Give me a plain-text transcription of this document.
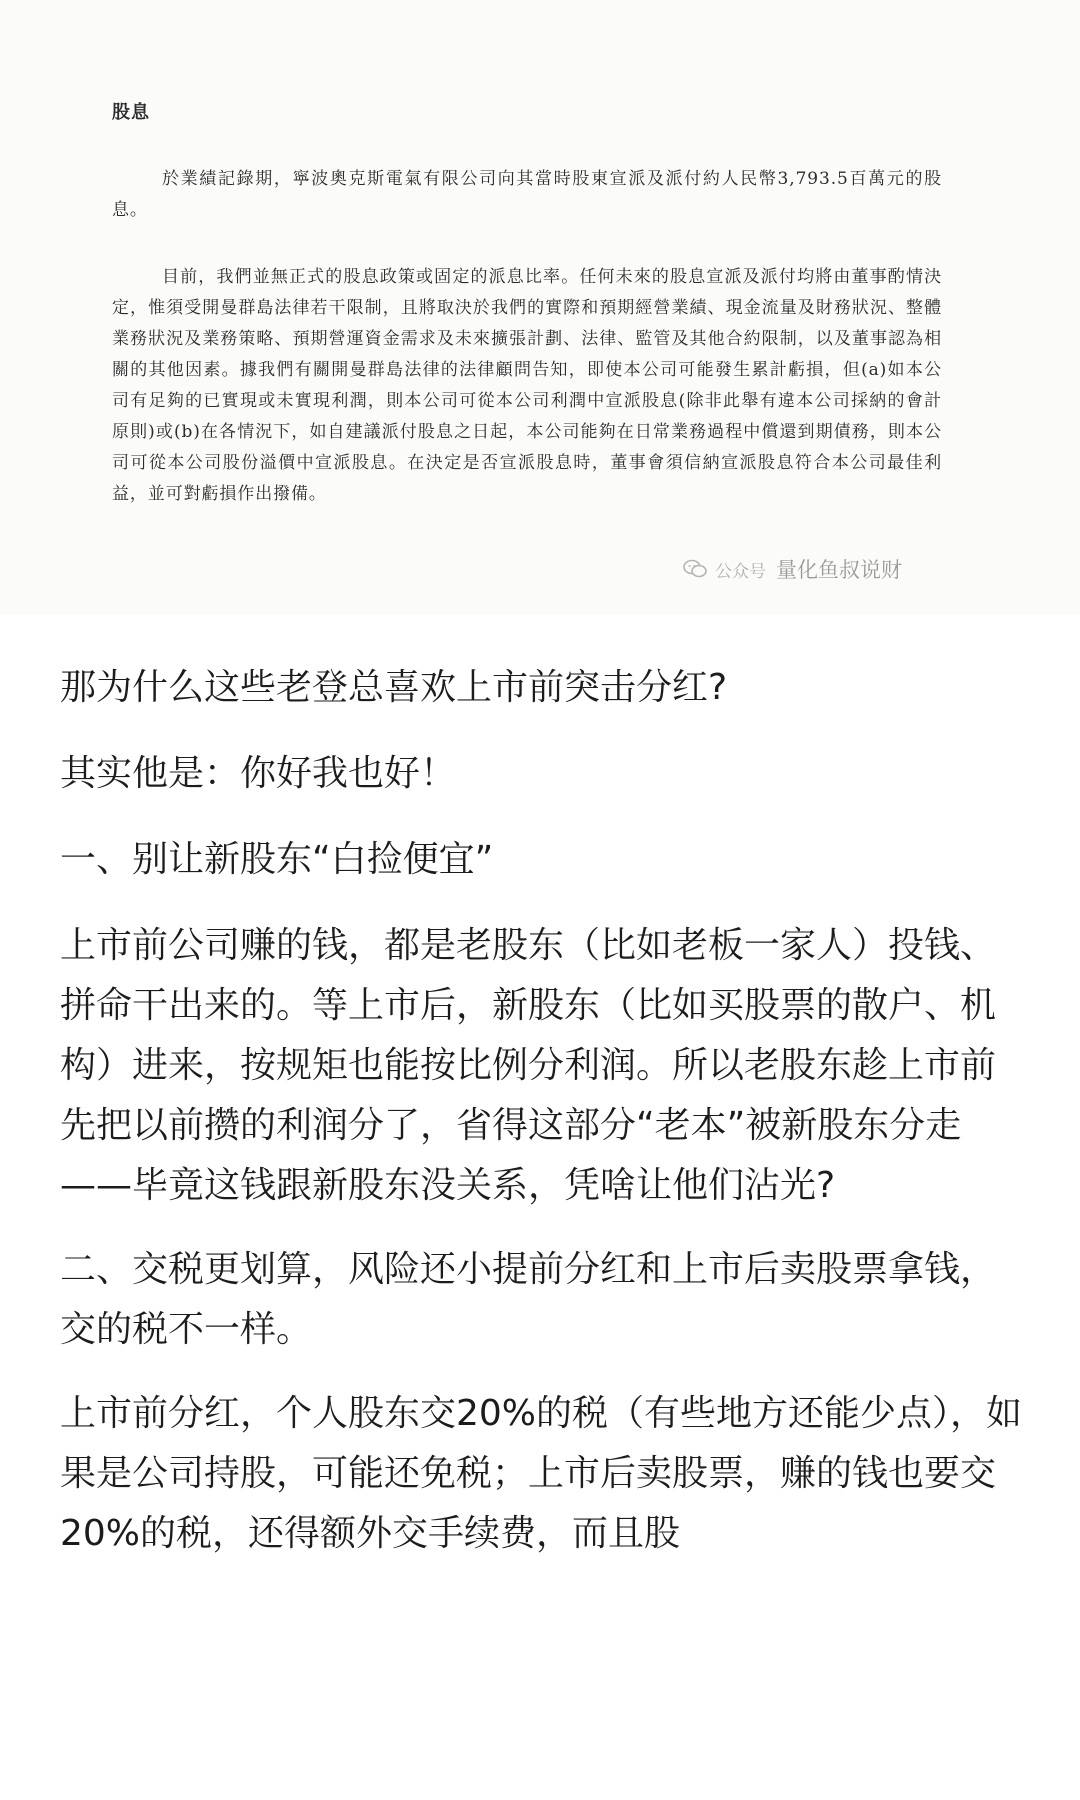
股息

於業績記錄期，寧波奧克斯電氣有限公司向其當時股東宣派及派付約人民幣3,793.5百萬元的股息。

目前，我們並無正式的股息政策或固定的派息比率。任何未來的股息宣派及派付均將由董事酌情決定，惟須受開曼群島法律若干限制，且將取決於我們的實際和預期經營業績、現金流量及財務狀況、整體業務狀況及業務策略、預期營運資金需求及未來擴張計劃、法律、監管及其他合約限制，以及董事認為相關的其他因素。據我們有關開曼群島法律的法律顧問告知，即使本公司可能發生累計虧損，但(a)如本公司有足夠的已實現或未實現利潤，則本公司可從本公司利潤中宣派股息(除非此舉有違本公司採納的會計原則)或(b)在各情況下，如自建議派付股息之日起，本公司能夠在日常業務過程中償還到期債務，則本公司可從本公司股份溢價中宣派股息。在決定是否宣派股息時，董事會須信納宣派股息符合本公司最佳利益，並可對虧損作出撥備。

公众号 量化鱼叔说财

那为什么这些老登总喜欢上市前突击分红?

其实他是：你好我也好！

一、别让新股东“白捡便宜”

上市前公司赚的钱，都是老股东（比如老板一家人）投钱、拼命干出来的。等上市后，新股东（比如买股票的散户、机构）进来，按规矩也能按比例分利润。所以老股东趁上市前先把以前攒的利润分了，省得这部分“老本”被新股东分走——毕竟这钱跟新股东没关系，凭啥让他们沾光?

二、交税更划算，风险还小提前分红和上市后卖股票拿钱，交的税不一样。

上市前分红，个人股东交20%的税（有些地方还能少点），如果是公司持股，可能还免税；上市后卖股票，赚的钱也要交20%的税，还得额外交手续费，而且股
